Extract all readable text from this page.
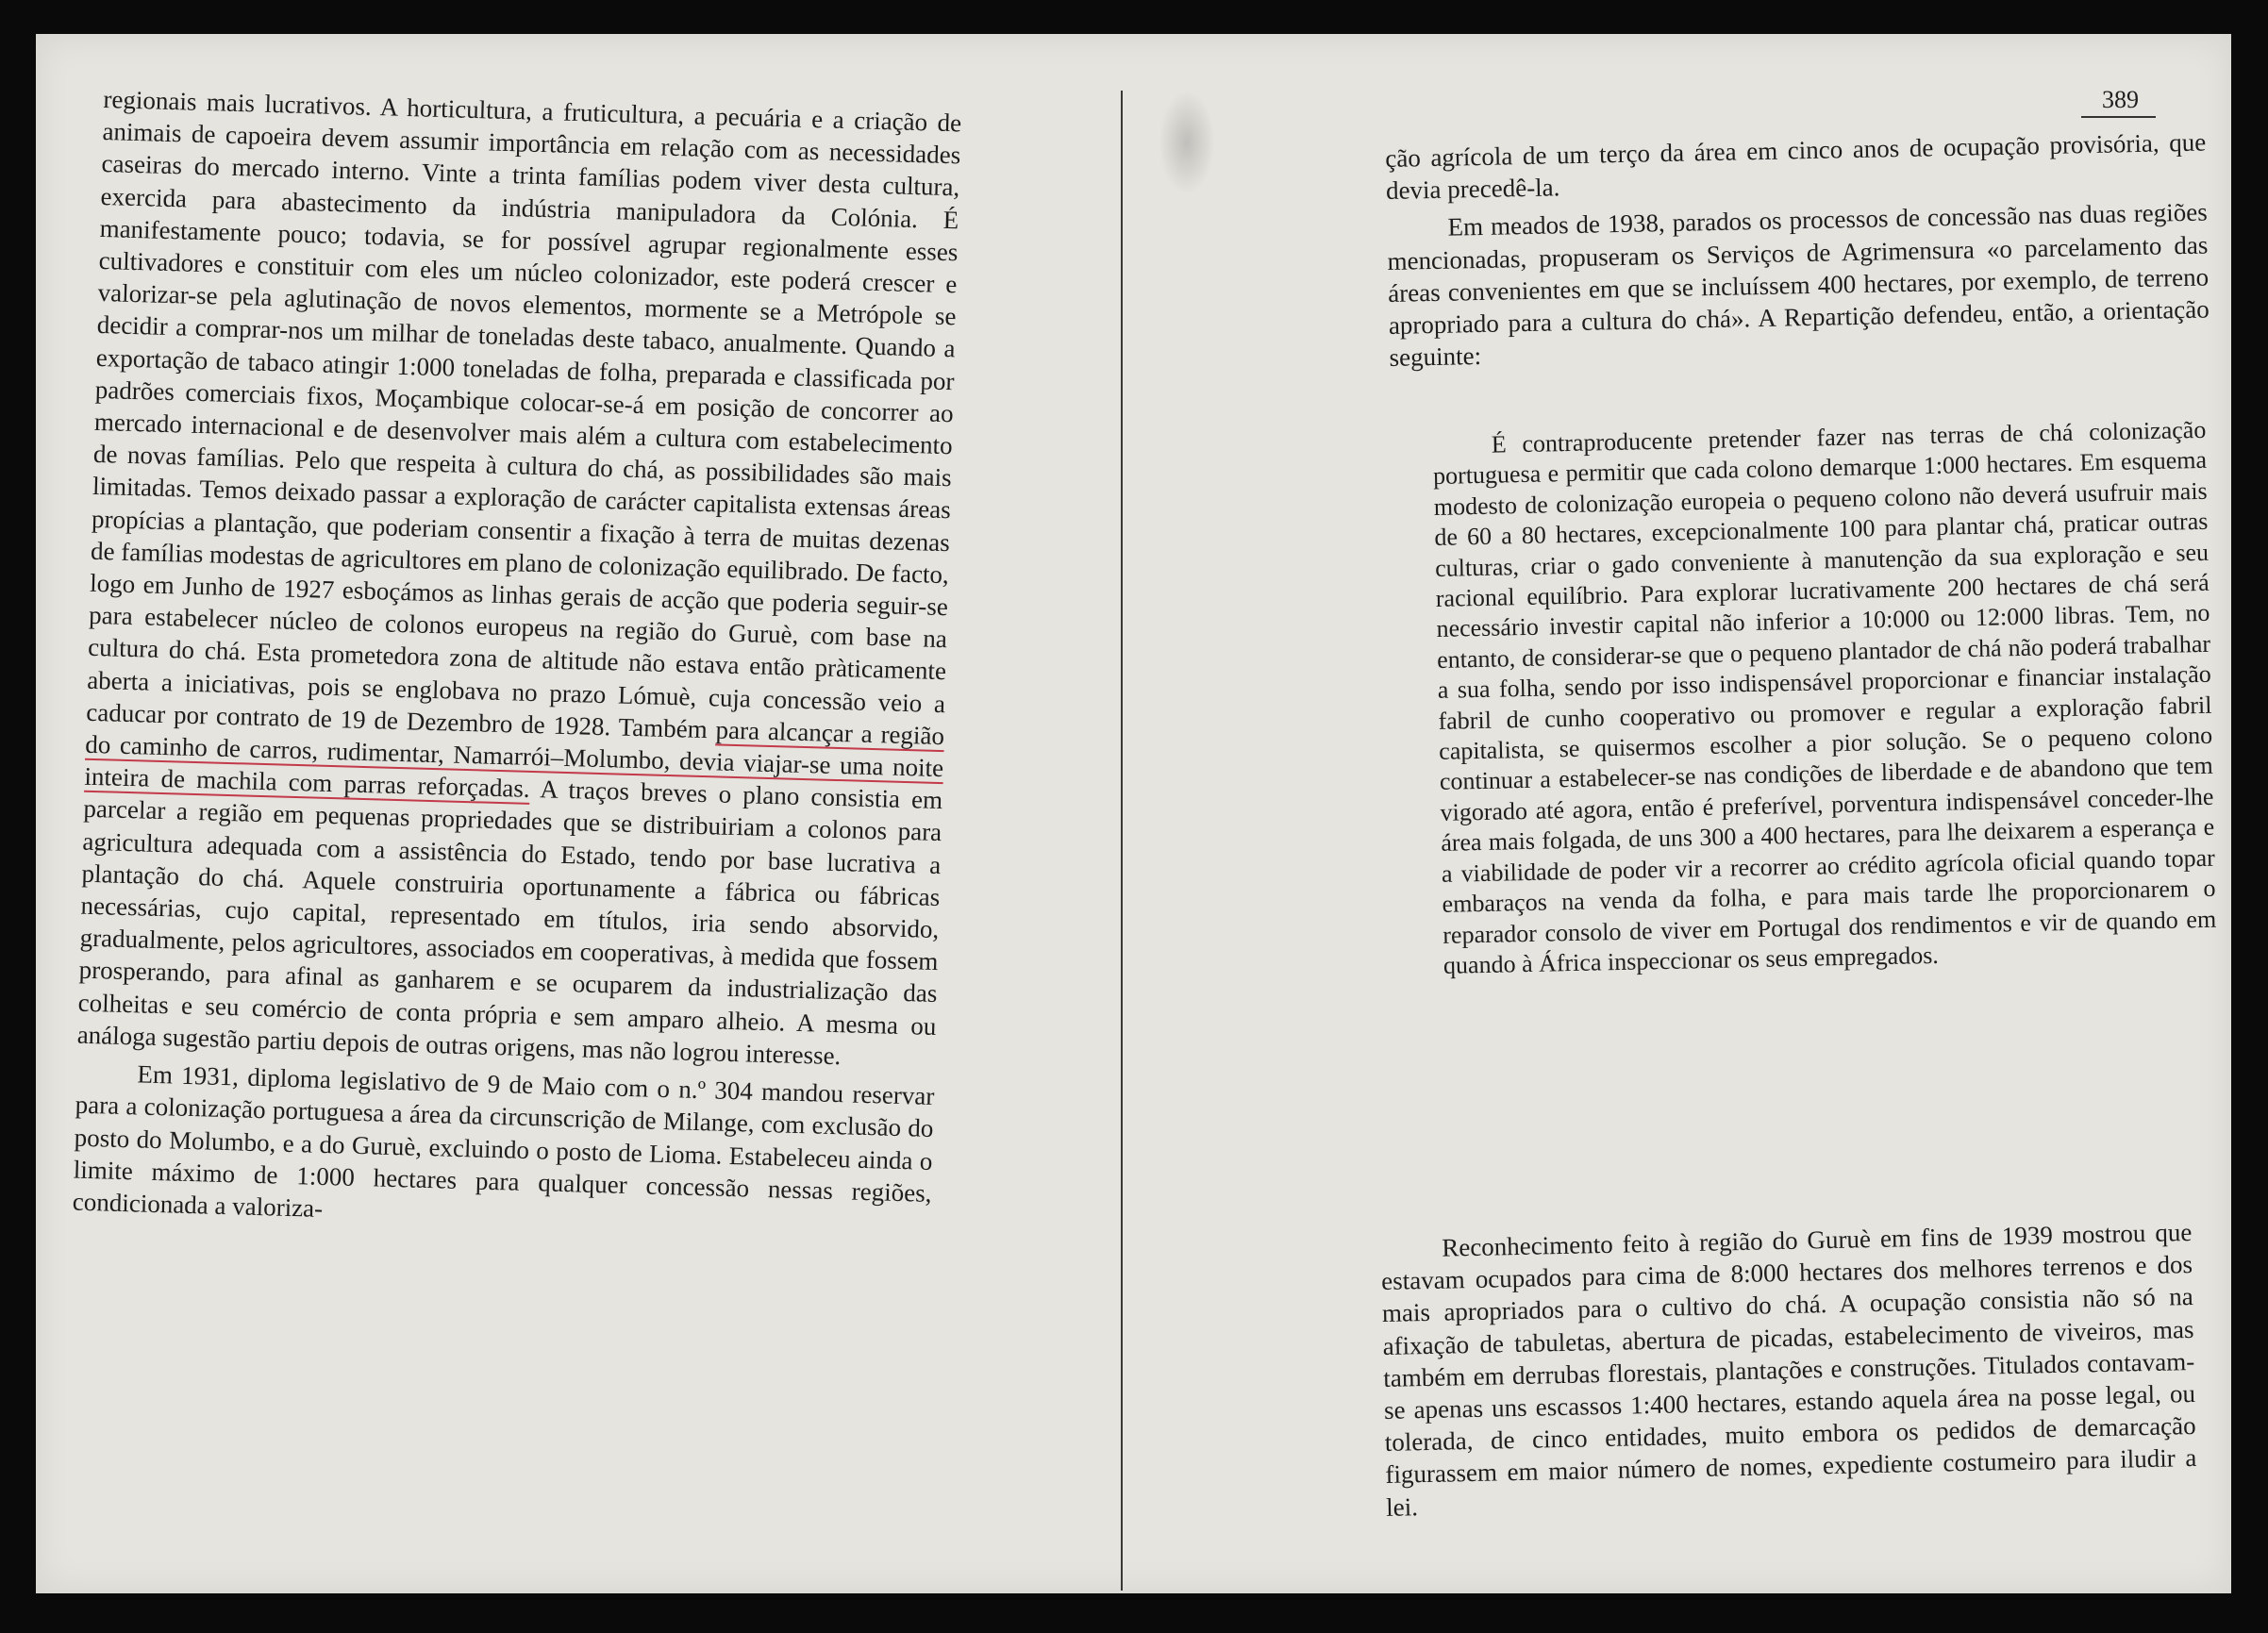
regionais mais lucrativos. A horticultura, a fruticultura, a pecuária e a criação de animais de capoeira devem assumir importância em relação com as necessidades caseiras do mercado interno. Vinte a trinta famílias podem viver desta cultura, exercida para abastecimento da indústria manipuladora da Colónia. É manifestamente pouco; todavia, se for possível agrupar regionalmente esses cultivadores e constituir com eles um núcleo colonizador, este poderá crescer e valorizar-se pela aglutinação de novos elementos, mormente se a Metrópole se decidir a comprar-nos um milhar de toneladas deste tabaco, anualmente. Quando a exportação de tabaco atingir 1:000 toneladas de folha, preparada e classificada por padrões comerciais fixos, Moçambique colocar-se-á em posição de concorrer ao mercado internacional e de desenvolver mais além a cultura com estabelecimento de novas famílias. Pelo que respeita à cultura do chá, as possibilidades são mais limitadas. Temos deixado passar a exploração de carácter capitalista extensas áreas propícias a plantação, que poderiam consentir a fixação à terra de muitas dezenas de famílias modestas de agricultores em plano de colonização equilibrado. De facto, logo em Junho de 1927 esboçámos as linhas gerais de acção que poderia seguir-se para estabelecer núcleo de colonos europeus na região do Guruè, com base na cultura do chá. Esta prometedora zona de altitude não estava então pràticamente aberta a iniciativas, pois se englobava no prazo Lómuè, cuja concessão veio a caducar por contrato de 19 de Dezembro de 1928. Também para alcançar a região do caminho de carros, rudimentar, Namarrói–Molumbo, devia viajar-se uma noite inteira de machila com parras reforçadas. A traços breves o plano consistia em parcelar a região em pequenas propriedades que se distribuiriam a colonos para agricultura adequada com a assistência do Estado, tendo por base lucrativa a plantação do chá. Aquele construiria oportunamente a fábrica ou fábricas necessárias, cujo capital, representado em títulos, iria sendo absorvido, gradualmente, pelos agricultores, associados em cooperativas, à medida que fossem prosperando, para afinal as ganharem e se ocuparem da industrialização das colheitas e seu comércio de conta própria e sem amparo alheio. A mesma ou análoga sugestão partiu depois de outras origens, mas não logrou interesse.

Em 1931, diploma legislativo de 9 de Maio com o n.º 304 mandou reservar para a colonização portuguesa a área da circunscrição de Milange, com exclusão do posto do Molumbo, e a do Guruè, excluindo o posto de Lioma. Estabeleceu ainda o limite máximo de 1:000 hectares para qualquer concessão nessas regiões, condicionada a valoriza-

389

ção agrícola de um terço da área em cinco anos de ocupação provisória, que devia precedê-la.

Em meados de 1938, parados os processos de concessão nas duas regiões mencionadas, propuseram os Serviços de Agrimensura «o parcelamento das áreas convenientes em que se incluíssem 400 hectares, por exemplo, de terreno apropriado para a cultura do chá». A Repartição defendeu, então, a orientação seguinte:

É contraproducente pretender fazer nas terras de chá colonização portuguesa e permitir que cada colono demarque 1:000 hectares. Em esquema modesto de colonização europeia o pequeno colono não deverá usufruir mais de 60 a 80 hectares, excepcionalmente 100 para plantar chá, praticar outras culturas, criar o gado conveniente à manutenção da sua exploração e seu racional equilíbrio. Para explorar lucrativamente 200 hectares de chá será necessário investir capital não inferior a 10:000 ou 12:000 libras. Tem, no entanto, de considerar-se que o pequeno plantador de chá não poderá trabalhar a sua folha, sendo por isso indispensável proporcionar e financiar instalação fabril de cunho cooperativo ou promover e regular a exploração fabril capitalista, se quisermos escolher a pior solução. Se o pequeno colono continuar a estabelecer-se nas condições de liberdade e de abandono que tem vigorado até agora, então é preferível, porventura indispensável conceder-lhe área mais folgada, de uns 300 a 400 hectares, para lhe deixarem a esperança e a viabilidade de poder vir a recorrer ao crédito agrícola oficial quando topar embaraços na venda da folha, e para mais tarde lhe proporcionarem o reparador consolo de viver em Portugal dos rendimentos e vir de quando em quando à África inspeccionar os seus empregados.

Reconhecimento feito à região do Guruè em fins de 1939 mostrou que estavam ocupados para cima de 8:000 hectares dos melhores terrenos e dos mais apropriados para o cultivo do chá. A ocupação consistia não só na afixação de tabuletas, abertura de picadas, estabelecimento de viveiros, mas também em derrubas florestais, plantações e construções. Titulados contavam-se apenas uns escassos 1:400 hectares, estando aquela área na posse legal, ou tolerada, de cinco entidades, muito embora os pedidos de demarcação figurassem em maior número de nomes, expediente costumeiro para iludir a lei.
